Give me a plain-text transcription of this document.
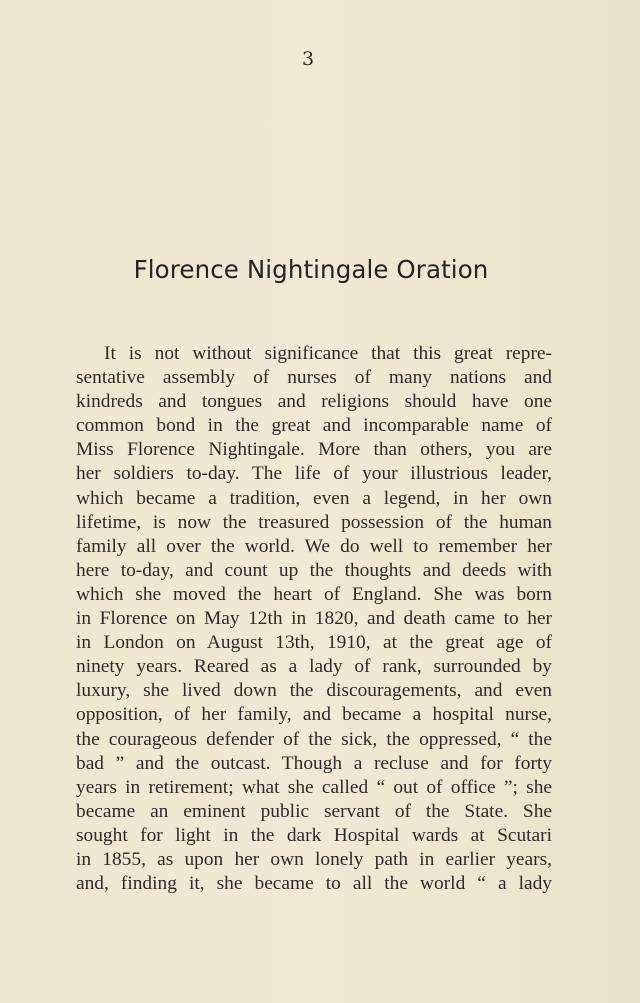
3
Florence Nightingale Oration
It is not without significance that this great repre-
sentative assembly of nurses of many nations and
kindreds and tongues and religions should have one
common bond in the great and incomparable name of
Miss Florence Nightingale. More than others, you are
her soldiers to-day. The life of your illustrious leader,
which became a tradition, even a legend, in her own
lifetime, is now the treasured possession of the human
family all over the world. We do well to remember her
here to-day, and count up the thoughts and deeds with
which she moved the heart of England. She was born
in Florence on May 12th in 1820, and death came to her
in London on August 13th, 1910, at the great age of
ninety years. Reared as a lady of rank, surrounded by
luxury, she lived down the discouragements, and even
opposition, of her family, and became a hospital nurse,
the courageous defender of the sick, the oppressed, “ the
bad ” and the outcast. Though a recluse and for forty
years in retirement; what she called “ out of office ”; she
became an eminent public servant of the State. She
sought for light in the dark Hospital wards at Scutari
in 1855, as upon her own lonely path in earlier years,
and, finding it, she became to all the world “ a lady
